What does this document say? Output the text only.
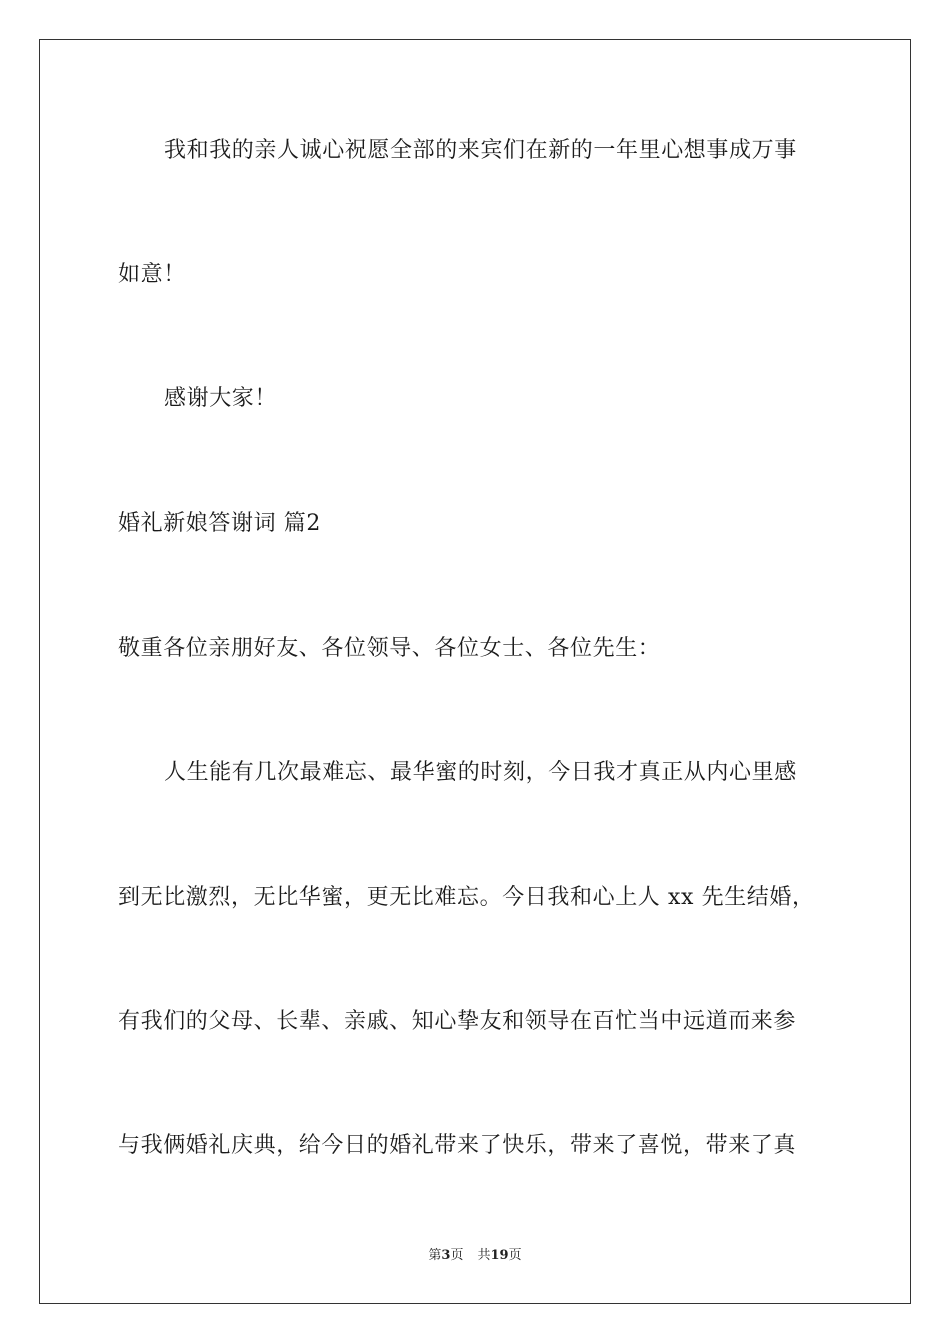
我和我的亲人诚心祝愿全部的来宾们在新的一年里心想事成万事
如意！
感谢大家！
婚礼新娘答谢词 篇2
敬重各位亲朋好友、各位领导、各位女士、各位先生：
人生能有几次最难忘、最华蜜的时刻，今日我才真正从内心里感
到无比激烈，无比华蜜，更无比难忘。今日我和心上人 xx 先生结婚，
有我们的父母、长辈、亲戚、知心挚友和领导在百忙当中远道而来参
与我俩婚礼庆典，给今日的婚礼带来了快乐，带来了喜悦，带来了真
第3页 共19页
